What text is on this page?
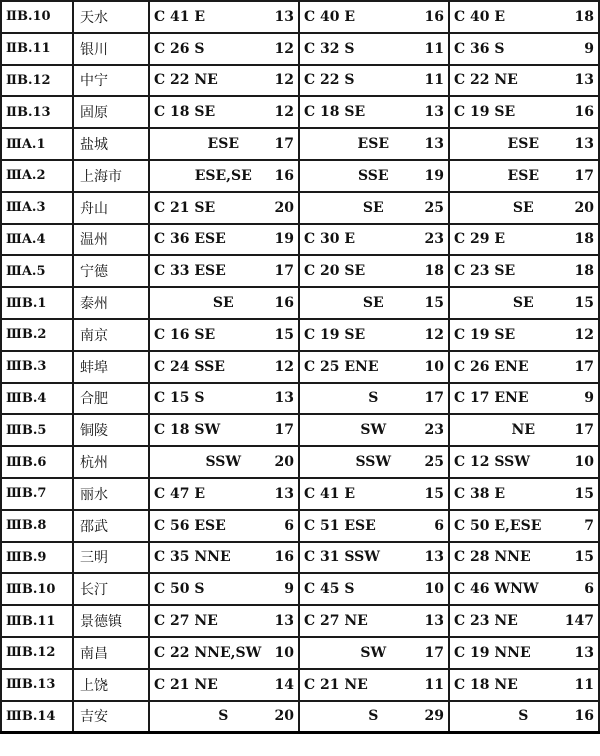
ⅡB.10	天水	C 41 E 13	C 40 E 16	C 40 E 18

ⅡB.11	银川	C 26 S 12	C 32 S 11	C 36 S 9

ⅡB.12	中宁	C 22 NE 12	C 22 S 11	C 22 NE 13

ⅡB.13	固原	C 18 SE 12	C 18 SE 13	C 19 SE 16

ⅢA.1	盐城	ESE 17	ESE 13	ESE 13

ⅢA.2	上海市	ESE,SE 16	SSE 19	ESE 17

ⅢA.3	舟山	C 21 SE 20	SE 25	SE 20

ⅢA.4	温州	C 36 ESE 19	C 30 E 23	C 29 E 18

ⅢA.5	宁德	C 33 ESE 17	C 20 SE 18	C 23 SE 18

ⅢB.1	泰州	SE 16	SE 15	SE 15

ⅢB.2	南京	C 16 SE 15	C 19 SE 12	C 19 SE 12

ⅢB.3	蚌埠	C 24 SSE 12	C 25 ENE 10	C 26 ENE 17

ⅢB.4	合肥	C 15 S 13	S 17	C 17 ENE 9

ⅢB.5	铜陵	C 18 SW 17	SW 23	NE 17

ⅢB.6	杭州	SSW 20	SSW 25	C 12 SSW 10

ⅢB.7	丽水	C 47 E 13	C 41 E 15	C 38 E 15

ⅢB.8	邵武	C 56 ESE 6	C 51 ESE 6	C 50 E,ESE 7

ⅢB.9	三明	C 35 NNE 16	C 31 SSW 13	C 28 NNE 15

ⅢB.10	长汀	C 50 S 9	C 45 S 10	C 46 WNW 6

ⅢB.11	景德镇	C 27 NE 13	C 27 NE 13	C 23 NE 147

ⅢB.12	南昌	C 22 NNE,SW 10	SW 17	C 19 NNE 13

ⅢB.13	上饶	C 21 NE 14	C 21 NE 11	C 18 NE 11

ⅢB.14	吉安	S 20	S 29	S 16
